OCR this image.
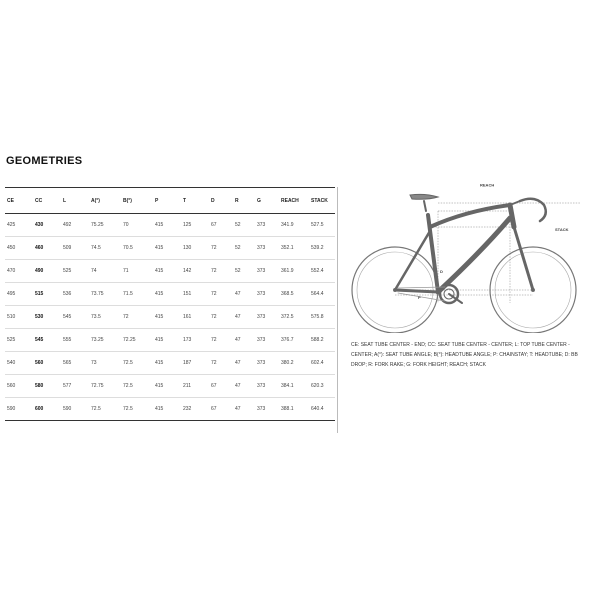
GEOMETRIES
CE	CC	L	A(°)	B(°)	P	T	D	R	G	REACH	STACK
425	430	492	75.25	70	415	125	67	52	373	341.9	527.5
450	460	509	74.5	70.5	415	130	72	52	373	352.1	539.2
470	490	525	74	71	415	142	72	52	373	361.9	552.4
495	515	536	73.75	71.5	415	151	72	47	373	368.5	564.4
510	530	545	73.5	72	415	161	72	47	373	372.5	575.8
525	545	555	73.25	72.25	415	173	72	47	373	376.7	588.2
540	560	565	73	72.5	415	187	72	47	373	380.2	602.4
560	580	577	72.75	72.5	415	211	67	47	373	384.1	620.3
590	600	590	72.5	72.5	415	232	67	47	373	388.1	640.4
REACH
STACK
D
P
CE: SEAT TUBE CENTER - END; CC: SEAT TUBE CENTER - CENTER; L: TOP TUBE CENTER - CENTER; A(°): SEAT TUBE ANGLE; B(°): HEADTUBE ANGLE; P: CHAINSTAY; T: HEADTUBE; D: BB DROP; R: FORK RAKE; G: FORK HEIGHT; REACH; STACK
